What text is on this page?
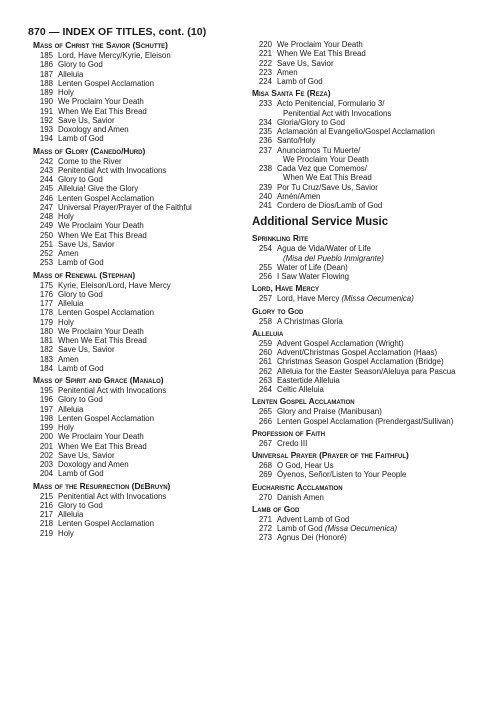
870 — INDEX OF TITLES, cont. (10)
Mass of Christ the Savior (Schutte)
185 Lord, Have Mercy/Kyrie, Eleison
186 Glory to God
187 Alleluia
188 Lenten Gospel Acclamation
189 Holy
190 We Proclaim Your Death
191 When We Eat This Bread
192 Save Us, Savior
193 Doxology and Amen
194 Lamb of God
Mass of Glory (Canedo/Hurd)
242 Come to the River
243 Penitential Act with Invocations
244 Glory to God
245 Alleluia! Give the Glory
246 Lenten Gospel Acclamation
247 Universal Prayer/Prayer of the Faithful
248 Holy
249 We Proclaim Your Death
250 When We Eat This Bread
251 Save Us, Savior
252 Amen
253 Lamb of God
Mass of Renewal (Stephan)
175 Kyrie, Eleison/Lord, Have Mercy
176 Glory to God
177 Alleluia
178 Lenten Gospel Acclamation
179 Holy
180 We Proclaim Your Death
181 When We Eat This Bread
182 Save Us, Savior
183 Amen
184 Lamb of God
Mass of Spirit and Grace (Manalo)
195 Penitential Act with Invocations
196 Glory to God
197 Alleluia
198 Lenten Gospel Acclamation
199 Holy
200 We Proclaim Your Death
201 When We Eat This Bread
202 Save Us, Savior
203 Doxology and Amen
204 Lamb of God
Mass of the Resurrection (DeBruyn)
215 Penitential Act with Invocations
216 Glory to God
217 Alleluia
218 Lenten Gospel Acclamation
219 Holy
220 We Proclaim Your Death
221 When We Eat This Bread
222 Save Us, Savior
223 Amen
224 Lamb of God
Misa Santa Fe (Reza)
233 Acto Penitencial, Formulario 3/
Penitential Act with Invocations
234 Gloria/Glory to God
235 Aclamación al Evangelio/Gospel Acclamation
236 Santo/Holy
237 Anunciamos Tu Muerte/
We Proclaim Your Death
238 Cada Vez que Comemos/
When We Eat This Bread
239 Por Tu Cruz/Save Us, Savior
240 Amén/Amen
241 Cordero de Dios/Lamb of God
Additional Service Music
Sprinkling Rite
254 Agua de Vida/Water of Life
(Misa del Pueblo Inmigrante)
255 Water of Life (Dean)
256 I Saw Water Flowing
Lord, Have Mercy
257 Lord, Have Mercy (Missa Oecumenica)
Glory to God
258 A Christmas Gloria
Alleluia
259 Advent Gospel Acclamation (Wright)
260 Advent/Christmas Gospel Acclamation (Haas)
261 Christmas Season Gospel Acclamation (Bridge)
262 Alleluia for the Easter Season/Aleluya para Pascua
263 Eastertide Alleluia
264 Celtic Alleluia
Lenten Gospel Acclamation
265 Glory and Praise (Manibusan)
266 Lenten Gospel Acclamation (Prendergast/Sullivan)
Profession of Faith
267 Credo III
Universal Prayer (Prayer of the Faithful)
268 O God, Hear Us
269 Óyenos, Señor/Listen to Your People
Eucharistic Acclamation
270 Danish Amen
Lamb of God
271 Advent Lamb of God
272 Lamb of God (Missa Oecumenica)
273 Agnus Dei (Honoré)
